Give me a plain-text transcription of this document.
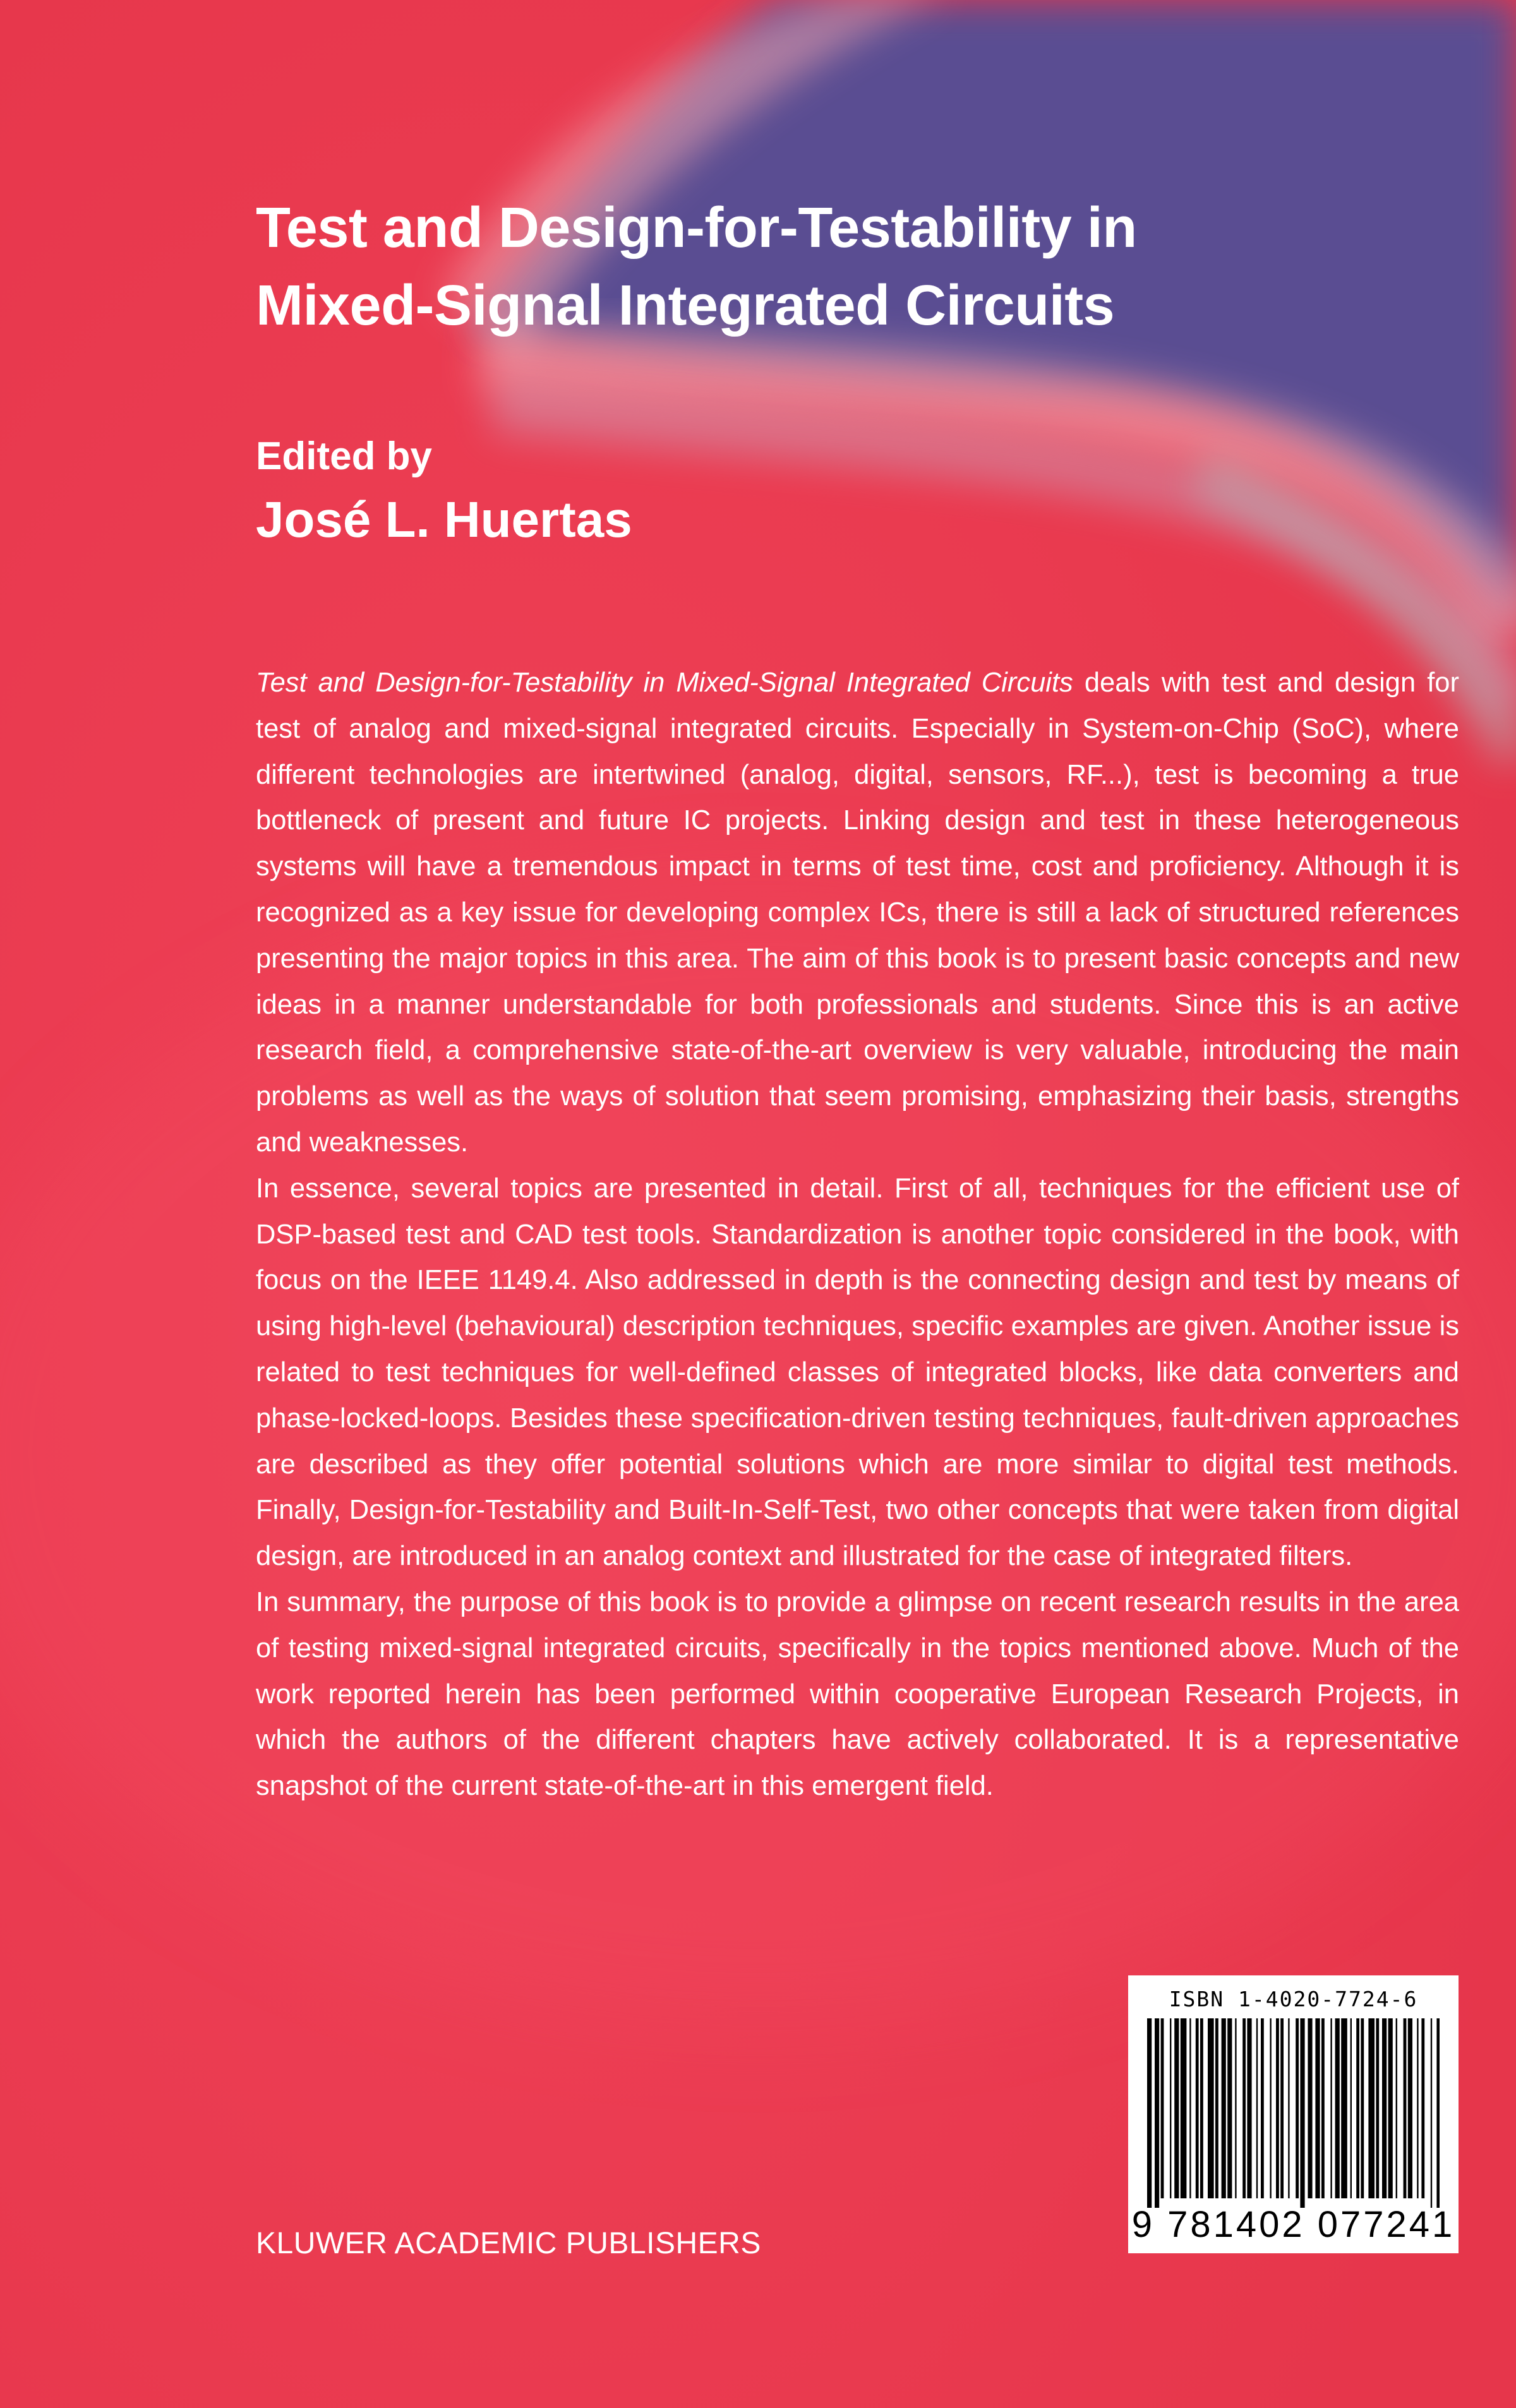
Test and Design-for-Testability in
Mixed-Signal Integrated Circuits

Edited by

José L. Huertas

Test and Design-for-Testability in Mixed-Signal Integrated Circuits deals with test and design for test of analog and mixed-signal integrated circuits. Especially in System-on-Chip (SoC), where different technologies are intertwined (analog, digital, sensors, RF...), test is becoming a true bottleneck of present and future IC projects. Linking design and test in these heterogeneous systems will have a tremendous impact in terms of test time, cost and proficiency. Although it is recognized as a key issue for developing complex ICs, there is still a lack of structured references presenting the major topics in this area. The aim of this book is to present basic concepts and new ideas in a manner understandable for both professionals and students. Since this is an active research field, a comprehensive state-of-the-art overview is very valuable, introducing the main problems as well as the ways of solution that seem promising, emphasizing their basis, strengths and weaknesses.

In essence, several topics are presented in detail. First of all, techniques for the efficient use of DSP-based test and CAD test tools. Standardization is another topic considered in the book, with focus on the IEEE 1149.4. Also addressed in depth is the connecting design and test by means of using high-level (behavioural) description techniques, specific examples are given. Another issue is related to test techniques for well-defined classes of integrated blocks, like data converters and phase-locked-loops. Besides these specification-driven testing techniques, fault-driven approaches are described as they offer potential solutions which are more similar to digital test methods. Finally, Design-for-Testability and Built-In-Self-Test, two other concepts that were taken from digital design, are introduced in an analog context and illustrated for the case of integrated filters.

In summary, the purpose of this book is to provide a glimpse on recent research results in the area of testing mixed-signal integrated circuits, specifically in the topics mentioned above. Much of the work reported herein has been performed within cooperative European Research Projects, in which the authors of the different chapters have actively collaborated. It is a representative snapshot of the current state-of-the-art in this emergent field.

KLUWER ACADEMIC PUBLISHERS

ISBN 1-4020-7724-6
9 781402 077241
